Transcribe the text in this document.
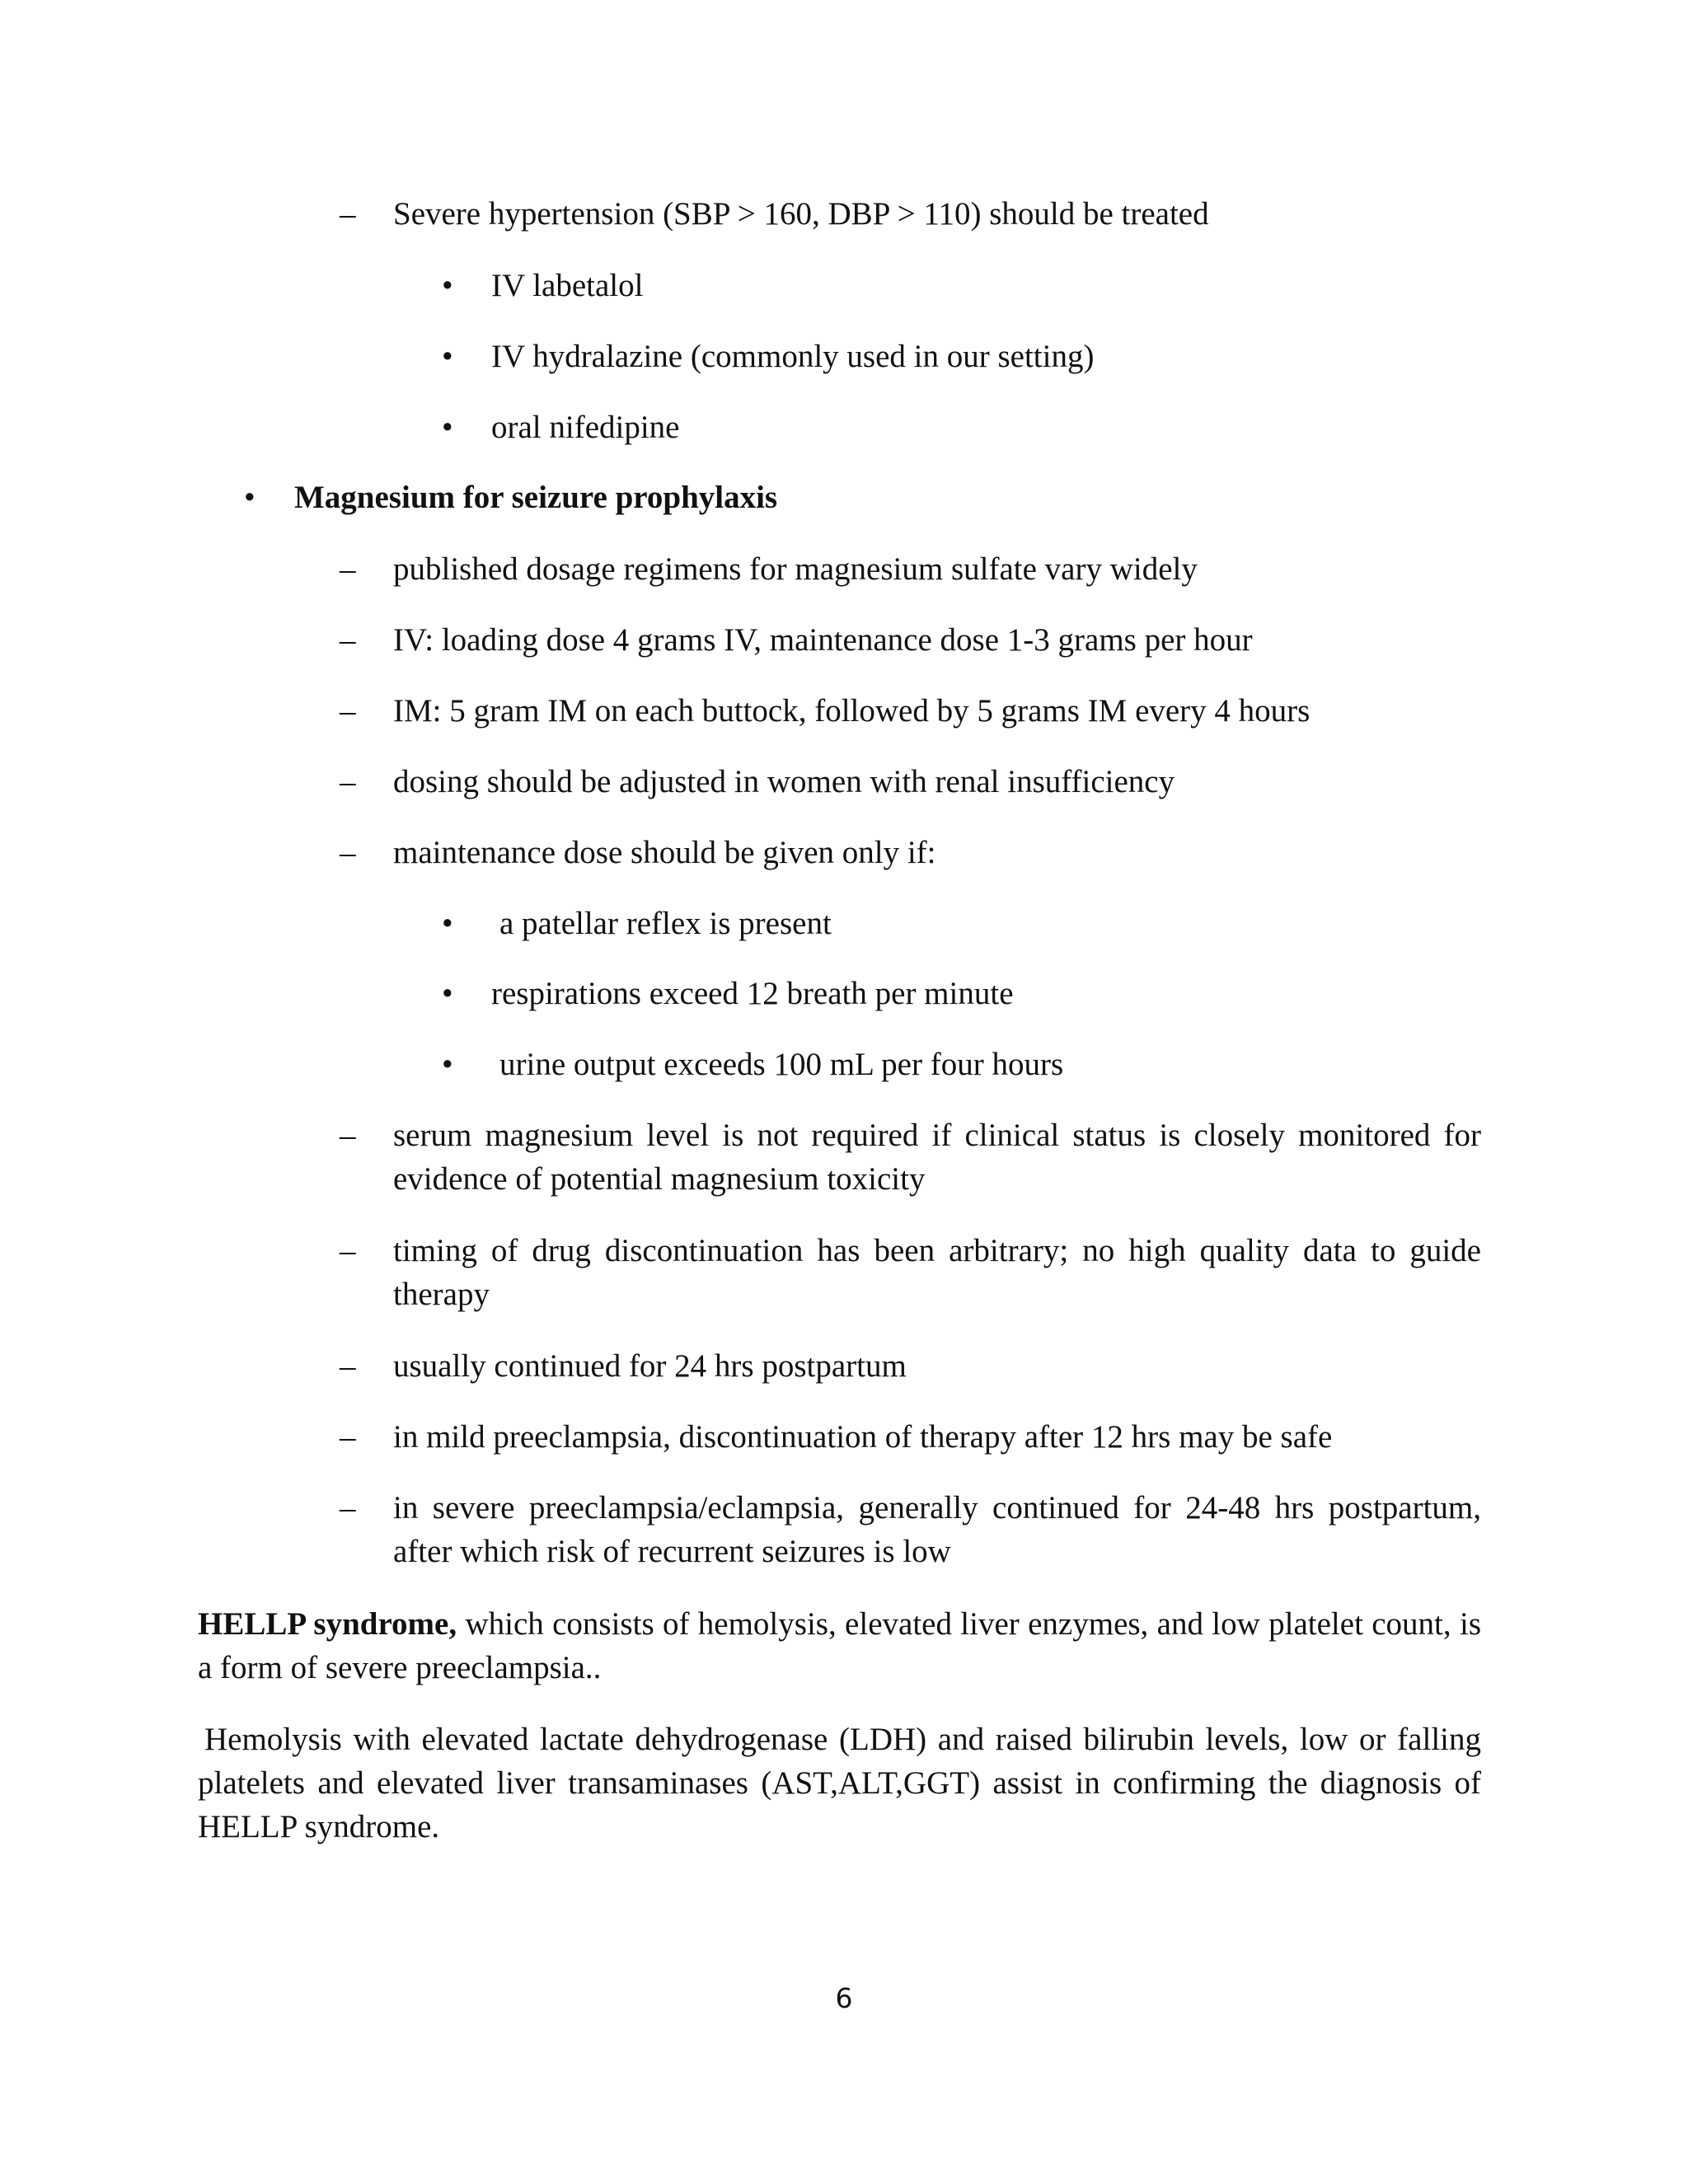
– Severe hypertension (SBP > 160, DBP > 110) should be treated
• IV labetalol
• IV hydralazine (commonly used in our setting)
• oral nifedipine
• Magnesium for seizure prophylaxis
– published dosage regimens for magnesium sulfate vary widely
– IV: loading dose 4 grams IV, maintenance dose 1-3 grams per hour
– IM: 5 gram IM on each buttock, followed by 5 grams IM every 4 hours
– dosing should be adjusted in women with renal insufficiency
– maintenance dose should be given only if:
• a patellar reflex is present
• respirations exceed 12 breath per minute
• urine output exceeds 100 mL per four hours
– serum magnesium level is not required if clinical status is closely monitored for evidence of potential magnesium toxicity
– timing of drug discontinuation has been arbitrary; no high quality data to guide therapy
– usually continued for 24 hrs postpartum
– in mild preeclampsia, discontinuation of therapy after 12 hrs may be safe
– in severe preeclampsia/eclampsia, generally continued for 24-48 hrs postpartum, after which risk of recurrent seizures is low
HELLP syndrome, which consists of hemolysis, elevated liver enzymes, and low platelet count, is a form of severe preeclampsia..
Hemolysis with elevated lactate dehydrogenase (LDH) and raised bilirubin levels, low or falling platelets and elevated liver transaminases (AST,ALT,GGT) assist in confirming the diagnosis of HELLP syndrome.
6
